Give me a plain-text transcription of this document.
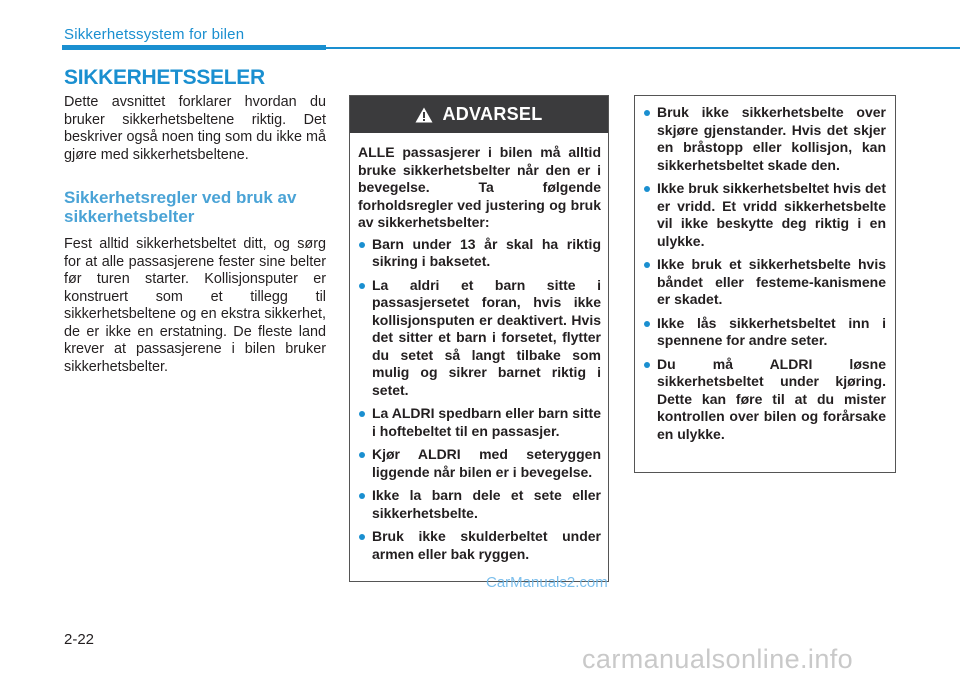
Sikkerhetssystem for bilen
SIKKERHETSSELER

Dette avsnittet forklarer hvordan du bruker sikkerhetsbeltene riktig. Det beskriver også noen ting som du ikke må gjøre med sikkerhetsbeltene.

Sikkerhetsregler ved bruk av sikkerhetsbelter

Fest alltid sikkerhetsbeltet ditt, og sørg for at alle passasjerene fester sine belter før turen starter. Kollisjonsputer er konstruert som et tillegg til sikkerhetsbeltene og en ekstra sikkerhet, de er ikke en erstatning. De fleste land krever at passasjerene i bilen bruker sikkerhetsbelter.

ADVARSEL

ALLE passasjerer i bilen må alltid bruke sikkerhetsbelter når den er i bevegelse. Ta følgende forholdsregler ved justering og bruk av sikkerhetsbelter:

Barn under 13 år skal ha riktig sikring i baksetet.
La aldri et barn sitte i passasjersetet foran, hvis ikke kollisjonsputen er deaktivert. Hvis det sitter et barn i forsetet, flytter du setet så langt tilbake som mulig og sikrer barnet riktig i setet.
La ALDRI spedbarn eller barn sitte i hoftebeltet til en passasjer.
Kjør ALDRI med seteryggen liggende når bilen er i bevegelse.
Ikke la barn dele et sete eller sikkerhetsbelte.
Bruk ikke skulderbeltet under armen eller bak ryggen.
Bruk ikke sikkerhetsbelte over skjøre gjenstander. Hvis det skjer en bråstopp eller kollisjon, kan sikkerhetsbeltet skade den.
Ikke bruk sikkerhetsbeltet hvis det er vridd. Et vridd sikkerhetsbelte vil ikke beskytte deg riktig i en ulykke.
Ikke bruk et sikkerhetsbelte hvis båndet eller festeme-kanismene er skadet.
Ikke lås sikkerhetsbeltet inn i spennene for andre seter.
Du må ALDRI løsne sikkerhetsbeltet under kjøring. Dette kan føre til at du mister kontrollen over bilen og forårsake en ulykke.
CarManuals2.com
2-22
carmanualsonline.info
